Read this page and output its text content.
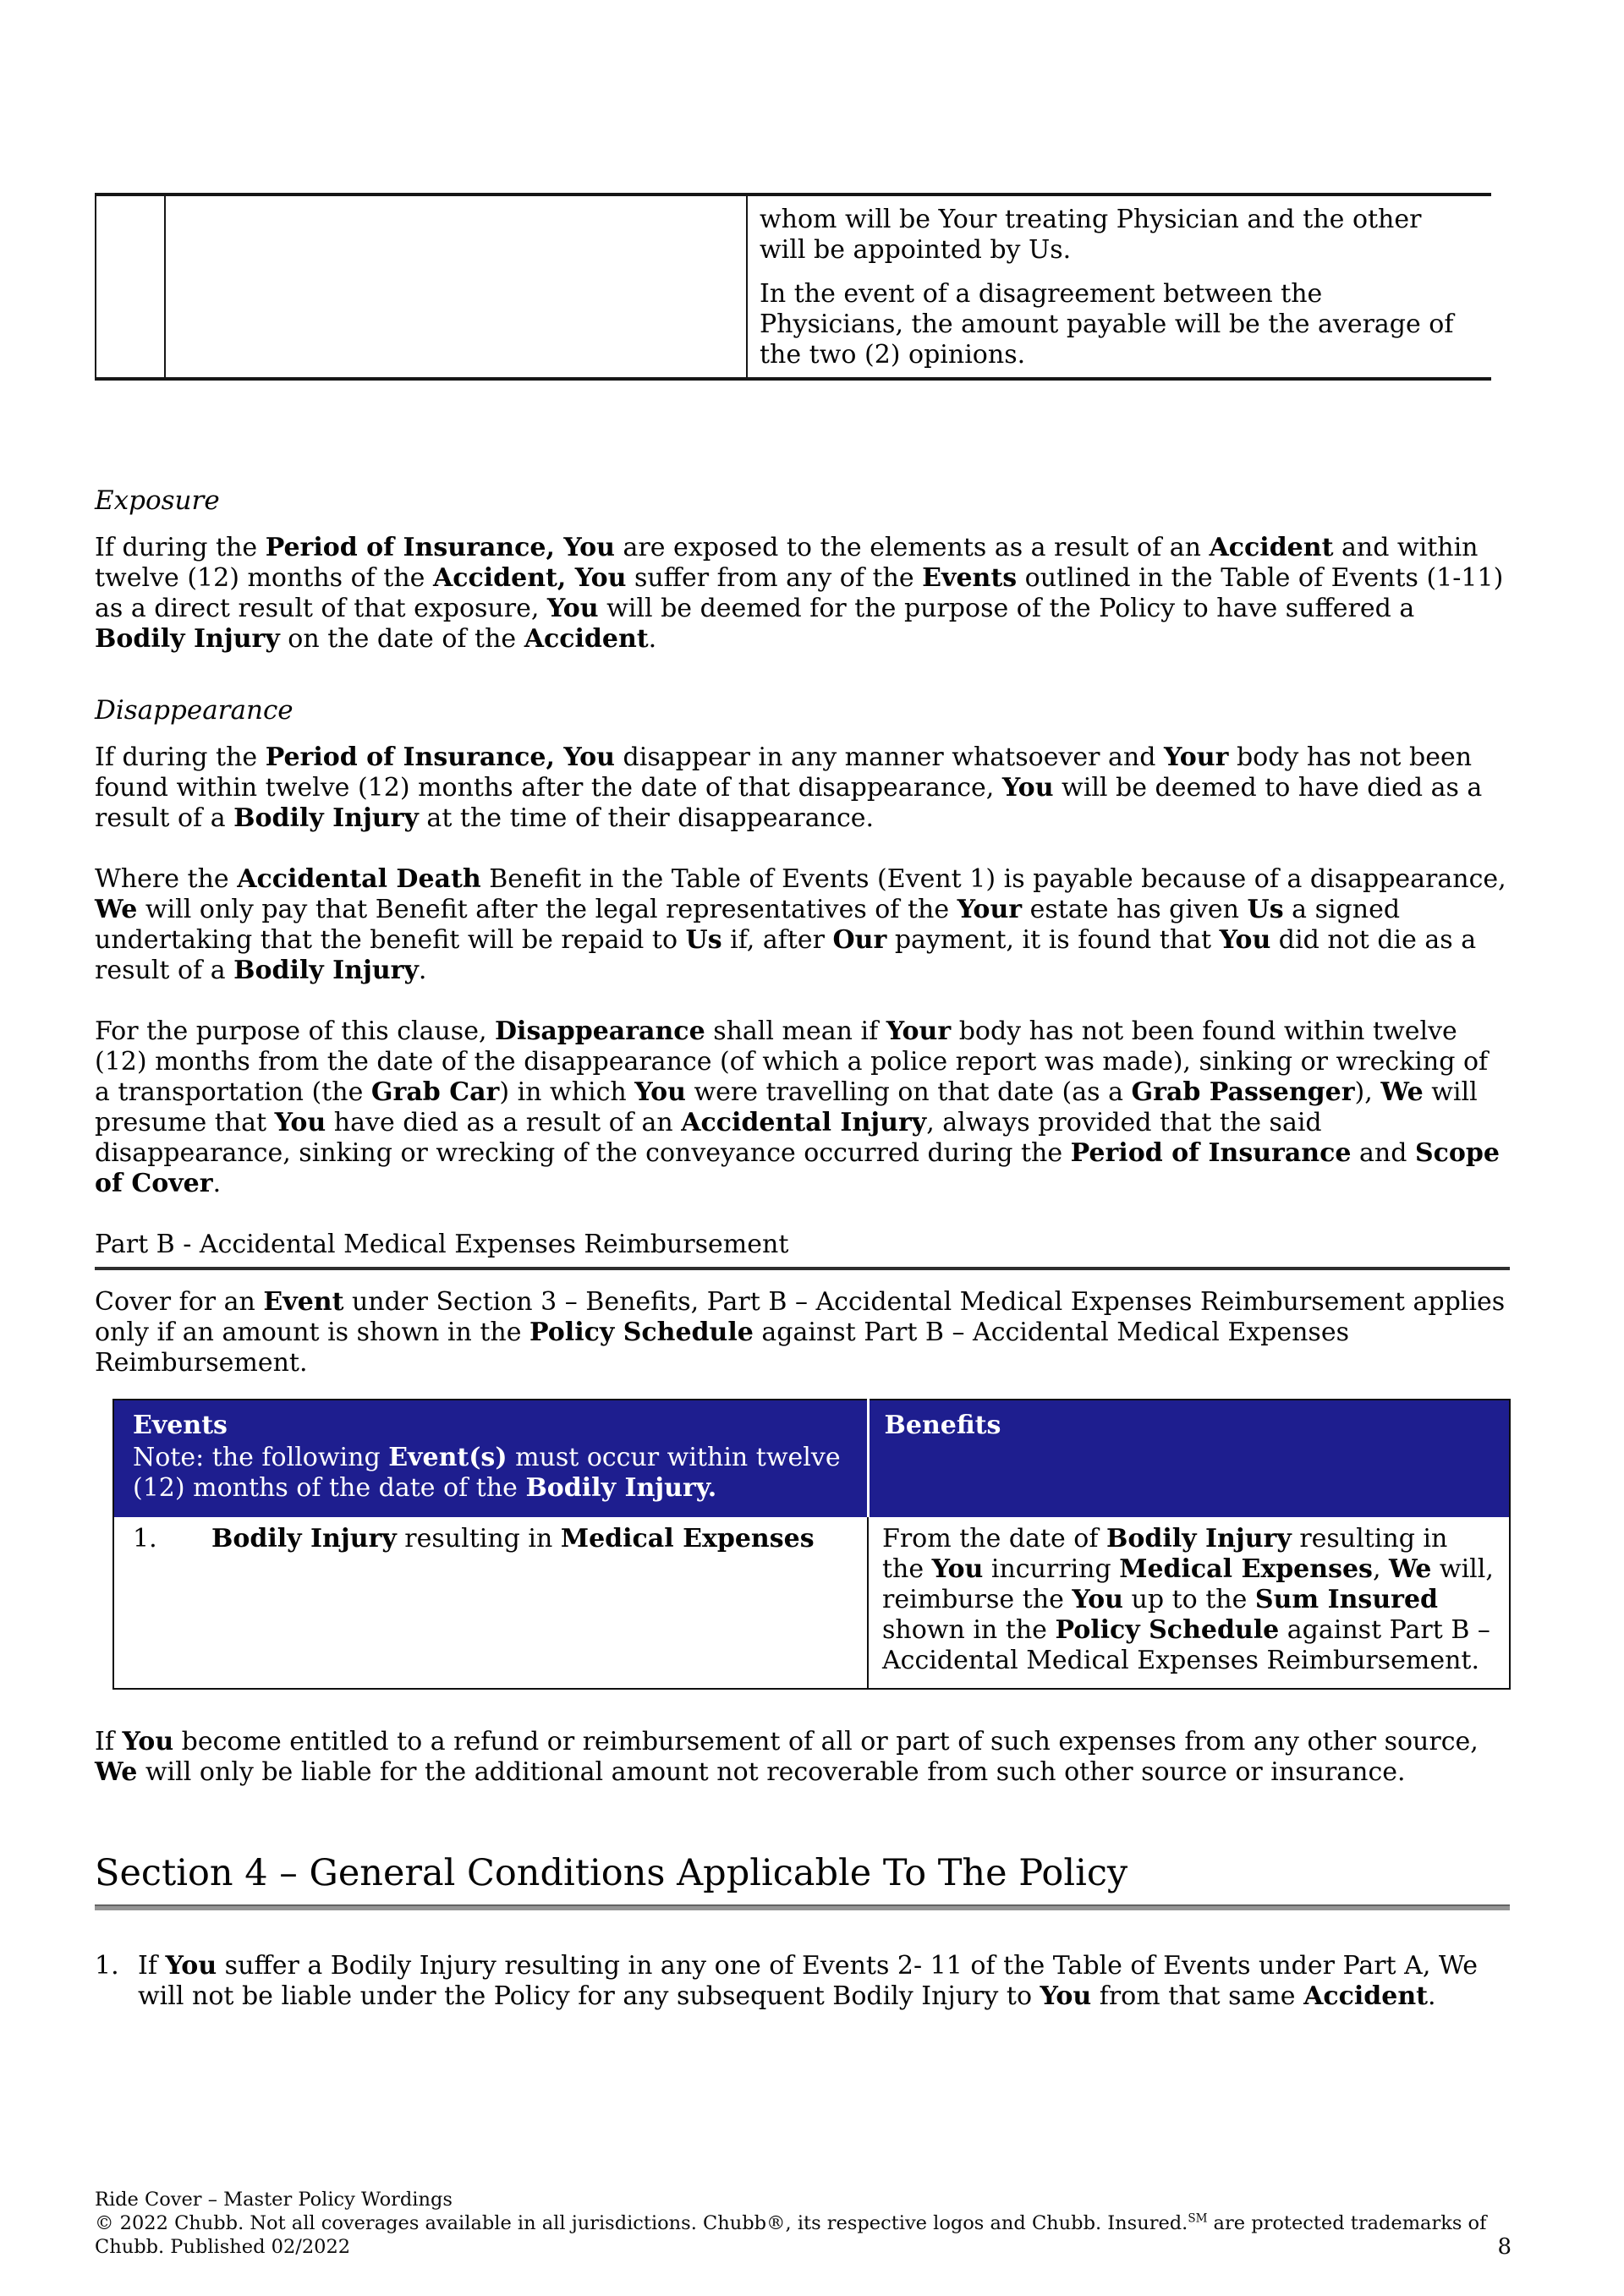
whom will be Your treating Physician and the other will be appointed by Us.

In the event of a disagreement between the Physicians, the amount payable will be the average of the two (2) opinions.

Exposure

If during the Period of Insurance, You are exposed to the elements as a result of an Accident and within twelve (12) months of the Accident, You suffer from any of the Events outlined in the Table of Events (1-11) as a direct result of that exposure, You will be deemed for the purpose of the Policy to have suffered a Bodily Injury on the date of the Accident.

Disappearance

If during the Period of Insurance, You disappear in any manner whatsoever and Your body has not been found within twelve (12) months after the date of that disappearance, You will be deemed to have died as a result of a Bodily Injury at the time of their disappearance.

Where the Accidental Death Benefit in the Table of Events (Event 1) is payable because of a disappearance, We will only pay that Benefit after the legal representatives of the Your estate has given Us a signed undertaking that the benefit will be repaid to Us if, after Our payment, it is found that You did not die as a result of a Bodily Injury.

For the purpose of this clause, Disappearance shall mean if Your body has not been found within twelve (12) months from the date of the disappearance (of which a police report was made), sinking or wrecking of a transportation (the Grab Car) in which You were travelling on that date (as a Grab Passenger), We will presume that You have died as a result of an Accidental Injury, always provided that the said disappearance, sinking or wrecking of the conveyance occurred during the Period of Insurance and Scope of Cover.

Part B - Accidental Medical Expenses Reimbursement

Cover for an Event under Section 3 – Benefits, Part B – Accidental Medical Expenses Reimbursement applies only if an amount is shown in the Policy Schedule against Part B – Accidental Medical Expenses Reimbursement.

Events

Note: the following Event(s) must occur within twelve (12) months of the date of the Bodily Injury.	Benefits

1. Bodily Injury resulting in Medical Expenses	From the date of Bodily Injury resulting in the You incurring Medical Expenses, We will, reimburse the You up to the Sum Insured shown in the Policy Schedule against Part B – Accidental Medical Expenses Reimbursement.

If You become entitled to a refund or reimbursement of all or part of such expenses from any other source, We will only be liable for the additional amount not recoverable from such other source or insurance.

Section 4 – General Conditions Applicable To The Policy
1. If You suffer a Bodily Injury resulting in any one of Events 2- 11 of the Table of Events under Part A, We will not be liable under the Policy for any subsequent Bodily Injury to You from that same Accident.

Ride Cover – Master Policy Wordings
© 2022 Chubb. Not all coverages available in all jurisdictions. Chubb®, its respective logos and Chubb. Insured.℠ are protected trademarks of
Chubb. Published 02/2022	8
